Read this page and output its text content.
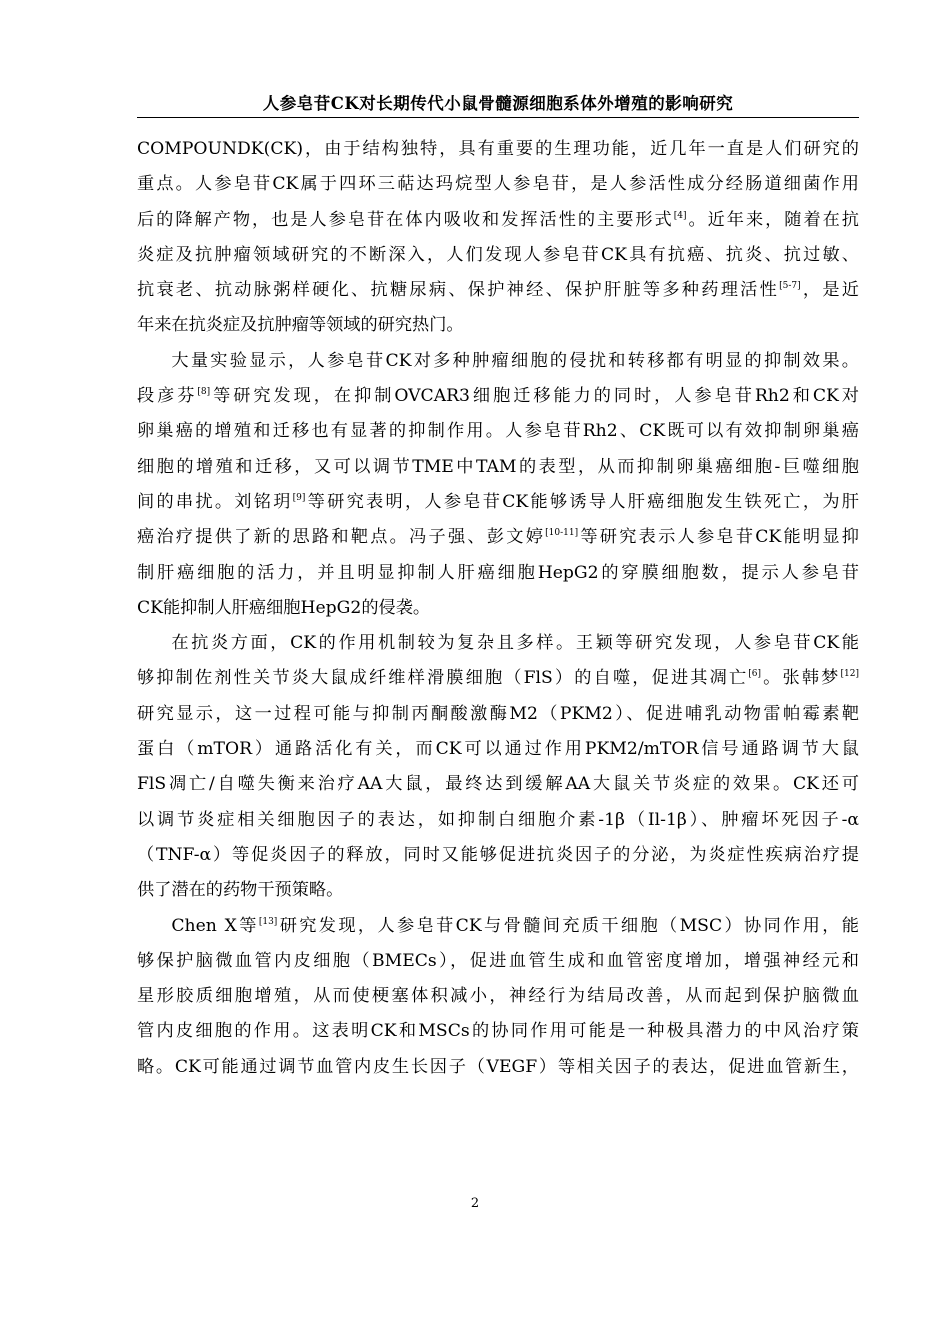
人参皂苷CK对长期传代小鼠骨髓源细胞系体外增殖的影响研究

COMPOUNDK(CK)，由于结构独特，具有重要的生理功能，近几年一直是人们研究的
重点。人参皂苷CK属于四环三萜达玛烷型人参皂苷，是人参活性成分经肠道细菌作用
后的降解产物，也是人参皂苷在体内吸收和发挥活性的主要形式[4]。近年来，随着在抗
炎症及抗肿瘤领域研究的不断深入，人们发现人参皂苷CK具有抗癌、抗炎、抗过敏、
抗衰老、抗动脉粥样硬化、抗糖尿病、保护神经、保护肝脏等多种药理活性[5-7]，是近
年来在抗炎症及抗肿瘤等领域的研究热门。

大量实验显示，人参皂苷CK对多种肿瘤细胞的侵扰和转移都有明显的抑制效果。
段彦芬[8]等研究发现，在抑制OVCAR3细胞迁移能力的同时，人参皂苷Rh2和CK对
卵巢癌的增殖和迁移也有显著的抑制作用。人参皂苷Rh2、CK既可以有效抑制卵巢癌
细胞的增殖和迁移，又可以调节TME中TAM的表型，从而抑制卵巢癌细胞-巨噬细胞
间的串扰。刘铭玥[9]等研究表明，人参皂苷CK能够诱导人肝癌细胞发生铁死亡，为肝
癌治疗提供了新的思路和靶点。冯子强、彭文婷[10-11]等研究表示人参皂苷CK能明显抑
制肝癌细胞的活力，并且明显抑制人肝癌细胞HepG2的穿膜细胞数，提示人参皂苷
CK能抑制人肝癌细胞HepG2的侵袭。

在抗炎方面，CK的作用机制较为复杂且多样。王颖等研究发现，人参皂苷CK能
够抑制佐剂性关节炎大鼠成纤维样滑膜细胞（FlS）的自噬，促进其凋亡[6]。张韩梦[12]
研究显示，这一过程可能与抑制丙酮酸激酶M2（PKM2）、促进哺乳动物雷帕霉素靶
蛋白（mTOR）通路活化有关，而CK可以通过作用PKM2/mTOR信号通路调节大鼠
FlS凋亡/自噬失衡来治疗AA大鼠，最终达到缓解AA大鼠关节炎症的效果。CK还可
以调节炎症相关细胞因子的表达，如抑制白细胞介素-1β（Il-1β）、肿瘤坏死因子-α
（TNF-α）等促炎因子的释放，同时又能够促进抗炎因子的分泌，为炎症性疾病治疗提
供了潜在的药物干预策略。

Chen X等[13]研究发现，人参皂苷CK与骨髓间充质干细胞（MSC）协同作用，能
够保护脑微血管内皮细胞（BMECs），促进血管生成和血管密度增加，增强神经元和
星形胶质细胞增殖，从而使梗塞体积减小，神经行为结局改善，从而起到保护脑微血
管内皮细胞的作用。这表明CK和MSCs的协同作用可能是一种极具潜力的中风治疗策
略。CK可能通过调节血管内皮生长因子（VEGF）等相关因子的表达，促进血管新生，

2
